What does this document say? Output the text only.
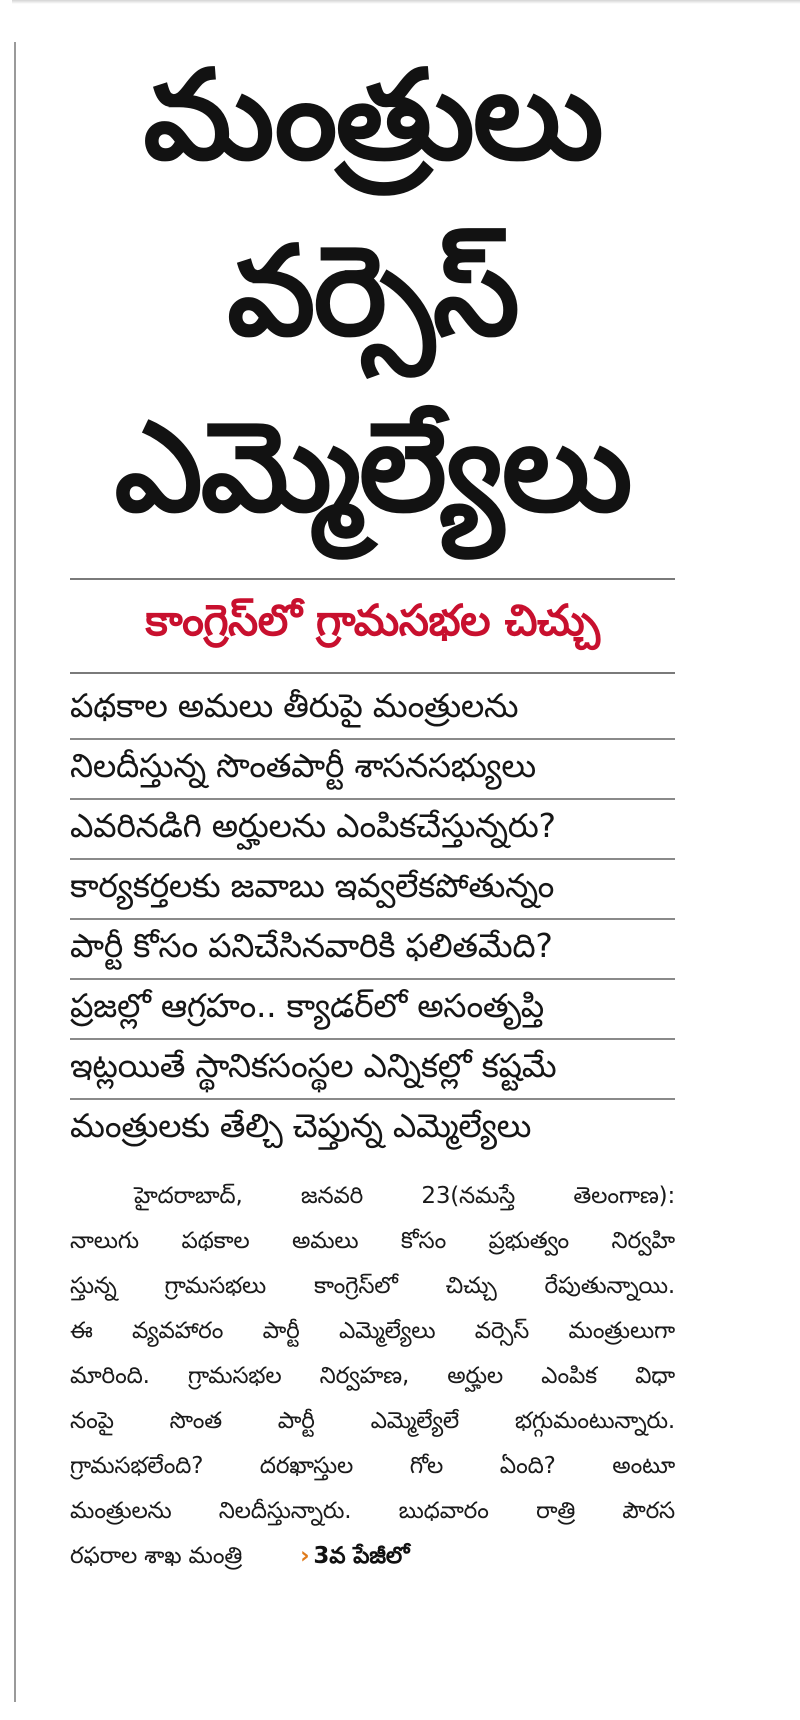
మంత్రులు
వర్సెస్
ఎమ్మెల్యేలు
కాంగ్రెస్‌లో గ్రామసభల చిచ్చు
పథకాల అమలు తీరుపై మంత్రులను
నిలదీస్తున్న సొంతపార్టీ శాసనసభ్యులు
ఎవరినడిగి అర్హులను ఎంపికచేస్తున్నరు?
కార్యకర్తలకు జవాబు ఇవ్వలేకపోతున్నం
పార్టీ కోసం పనిచేసినవారికి ఫలితమేది?
ప్రజల్లో ఆగ్రహం.. క్యాడర్‌లో అసంతృప్తి
ఇట్లయితే స్థానికసంస్థల ఎన్నికల్లో కష్టమే
మంత్రులకు తేల్చి చెప్తున్న ఎమ్మెల్యేలు
హైదరాబాద్, జనవరి 23(నమస్తే తెలంగాణ):
నాలుగు పథకాల అమలు కోసం ప్రభుత్వం నిర్వహి
స్తున్న గ్రామసభలు కాంగ్రెస్‌లో చిచ్చు రేపుతున్నాయి.
ఈ వ్యవహారం పార్టీ ఎమ్మెల్యేలు వర్సెస్ మంత్రులుగా
మారింది. గ్రామసభల నిర్వహణ, అర్హుల ఎంపిక విధా
నంపై సొంత పార్టీ ఎమ్మెల్యేలే భగ్గుమంటున్నారు.
గ్రామసభలేంది? దరఖాస్తుల గోల ఏంది? అంటూ
మంత్రులను నిలదీస్తున్నారు. బుధవారం రాత్రి పౌరస
రఫరాల శాఖ మంత్రి	› 3వ పేజీలో
